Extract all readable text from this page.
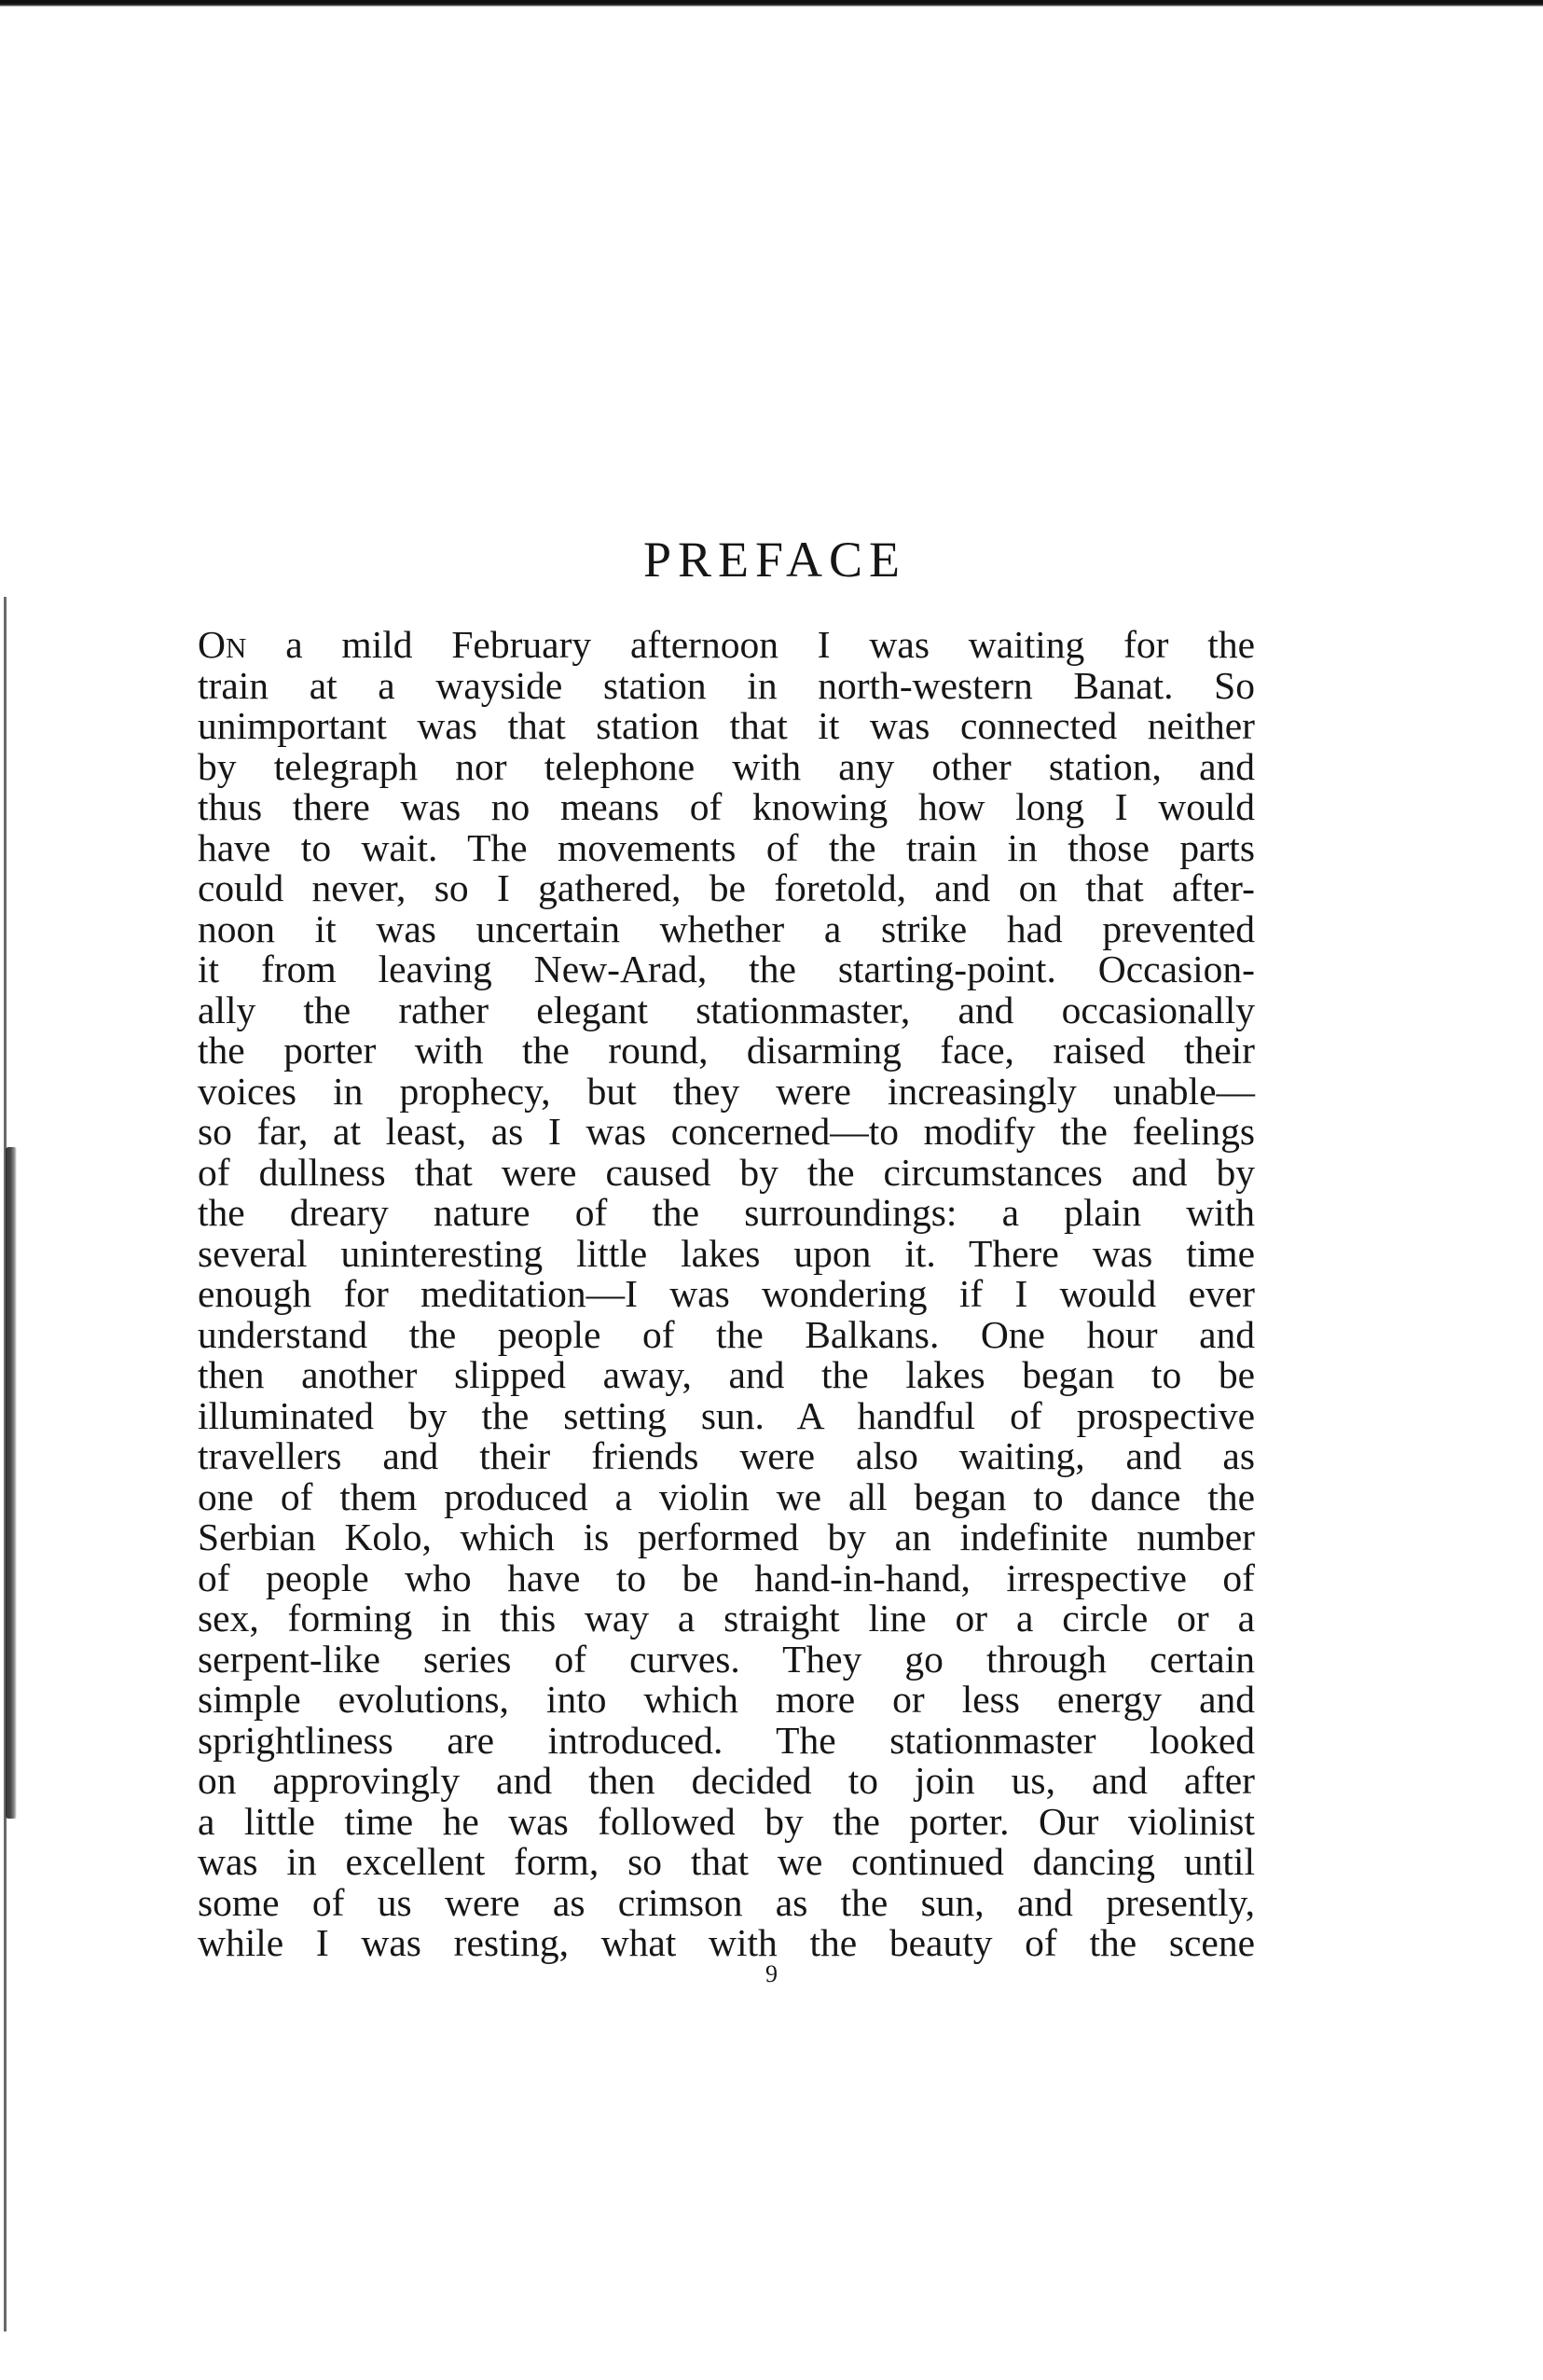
PREFACE
ON a mild February afternoon I was waiting for the
train at a wayside station in north-western Banat. So
unimportant was that station that it was connected neither
by telegraph nor telephone with any other station, and
thus there was no means of knowing how long I would
have to wait. The movements of the train in those parts
could never, so I gathered, be foretold, and on that after-
noon it was uncertain whether a strike had prevented
it from leaving New-Arad, the starting-point. Occasion-
ally the rather elegant stationmaster, and occasionally
the porter with the round, disarming face, raised their
voices in prophecy, but they were increasingly unable—
so far, at least, as I was concerned—to modify the feelings
of dullness that were caused by the circumstances and by
the dreary nature of the surroundings: a plain with
several uninteresting little lakes upon it. There was time
enough for meditation—I was wondering if I would ever
understand the people of the Balkans. One hour and
then another slipped away, and the lakes began to be
illuminated by the setting sun. A handful of prospective
travellers and their friends were also waiting, and as
one of them produced a violin we all began to dance the
Serbian Kolo, which is performed by an indefinite number
of people who have to be hand-in-hand, irrespective of
sex, forming in this way a straight line or a circle or a
serpent-like series of curves. They go through certain
simple evolutions, into which more or less energy and
sprightliness are introduced. The stationmaster looked
on approvingly and then decided to join us, and after
a little time he was followed by the porter. Our violinist
was in excellent form, so that we continued dancing until
some of us were as crimson as the sun, and presently,
while I was resting, what with the beauty of the scene
9
